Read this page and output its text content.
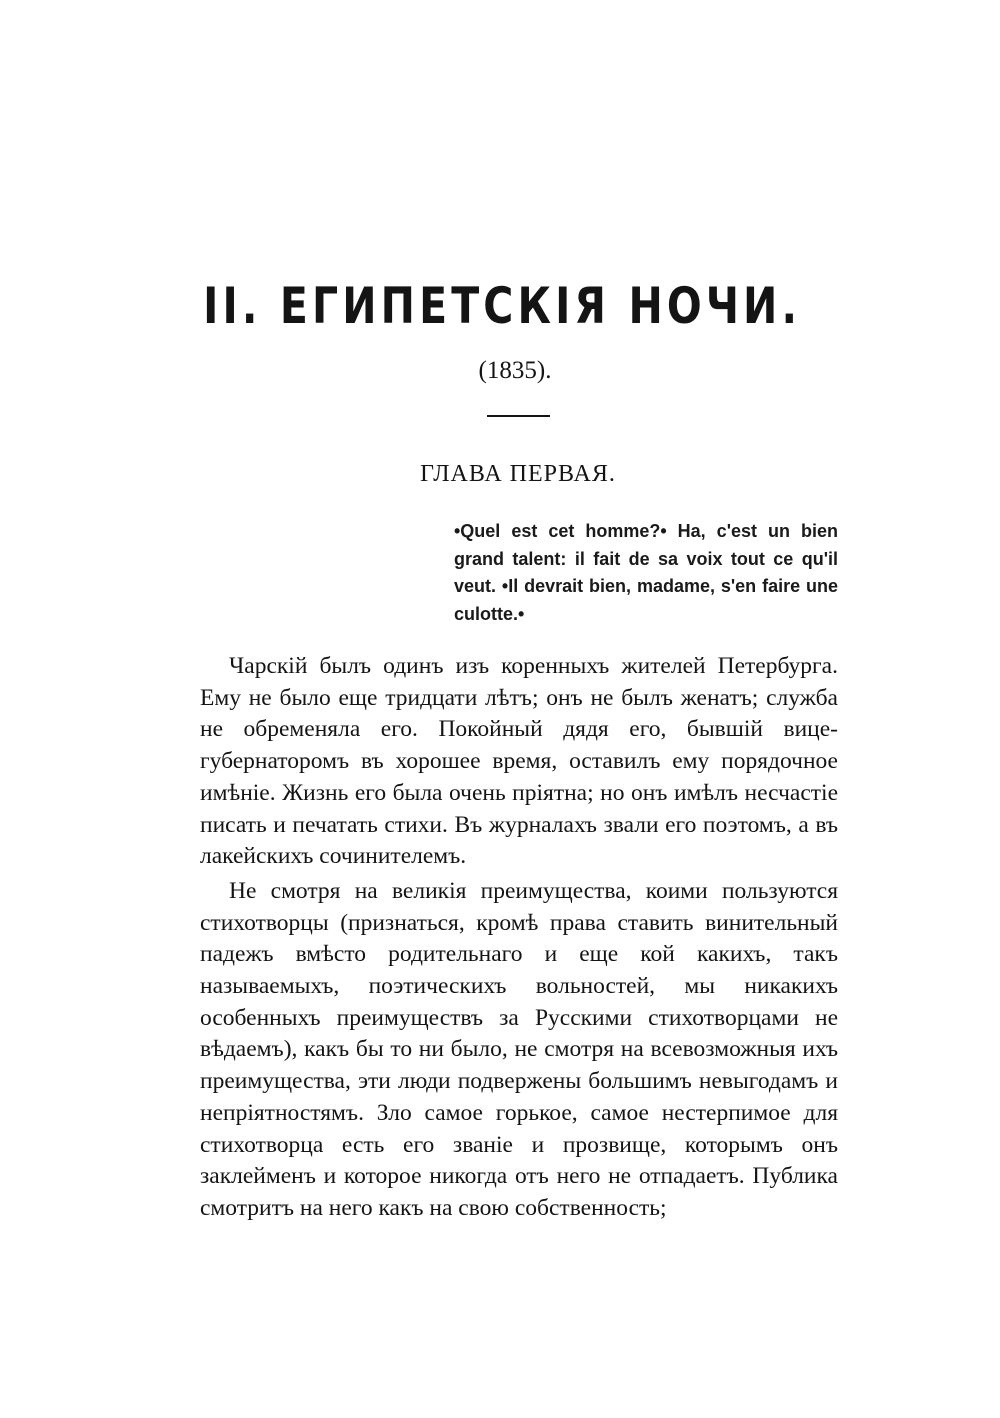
II. ЕГИПЕТСКІЯ НОЧИ.
(1835).
ГЛАВА ПЕРВАЯ.
•Quel est cet homme?• Ha, c'est un bien grand talent: il fait de sa voix tout ce qu'il veut. •Il devrait bien, madame, s'en faire une culotte.•

Чарскій былъ одинъ изъ коренныхъ жителей Петербурга. Ему не было еще тридцати лѣтъ; онъ не былъ женатъ; служба не обременяла его. Покойный дядя его, бывшій вице-губернаторомъ въ хорошее время, оставилъ ему порядочное имѣніе. Жизнь его была очень пріятна; но онъ имѣлъ несчастіе писать и печатать стихи. Въ журналахъ звали его поэтомъ, а въ лакейскихъ сочинителемъ.

Не смотря на великія преимущества, коими пользуются стихотворцы (признаться, кромѣ права ставить винительный падежъ вмѣсто родительнаго и еще кой какихъ, такъ называемыхъ, поэтическихъ вольностей, мы никакихъ особенныхъ преимуществъ за Русскими стихотворцами не вѣдаемъ), какъ бы то ни было, не смотря на всевозможныя ихъ преимущества, эти люди подвержены большимъ невыгодамъ и непріятностямъ. Зло самое горькое, самое нестерпимое для стихотворца есть его званіе и прозвище, которымъ онъ заклейменъ и которое никогда отъ него не отпадаетъ. Публика смотритъ на него какъ на свою собственность;
